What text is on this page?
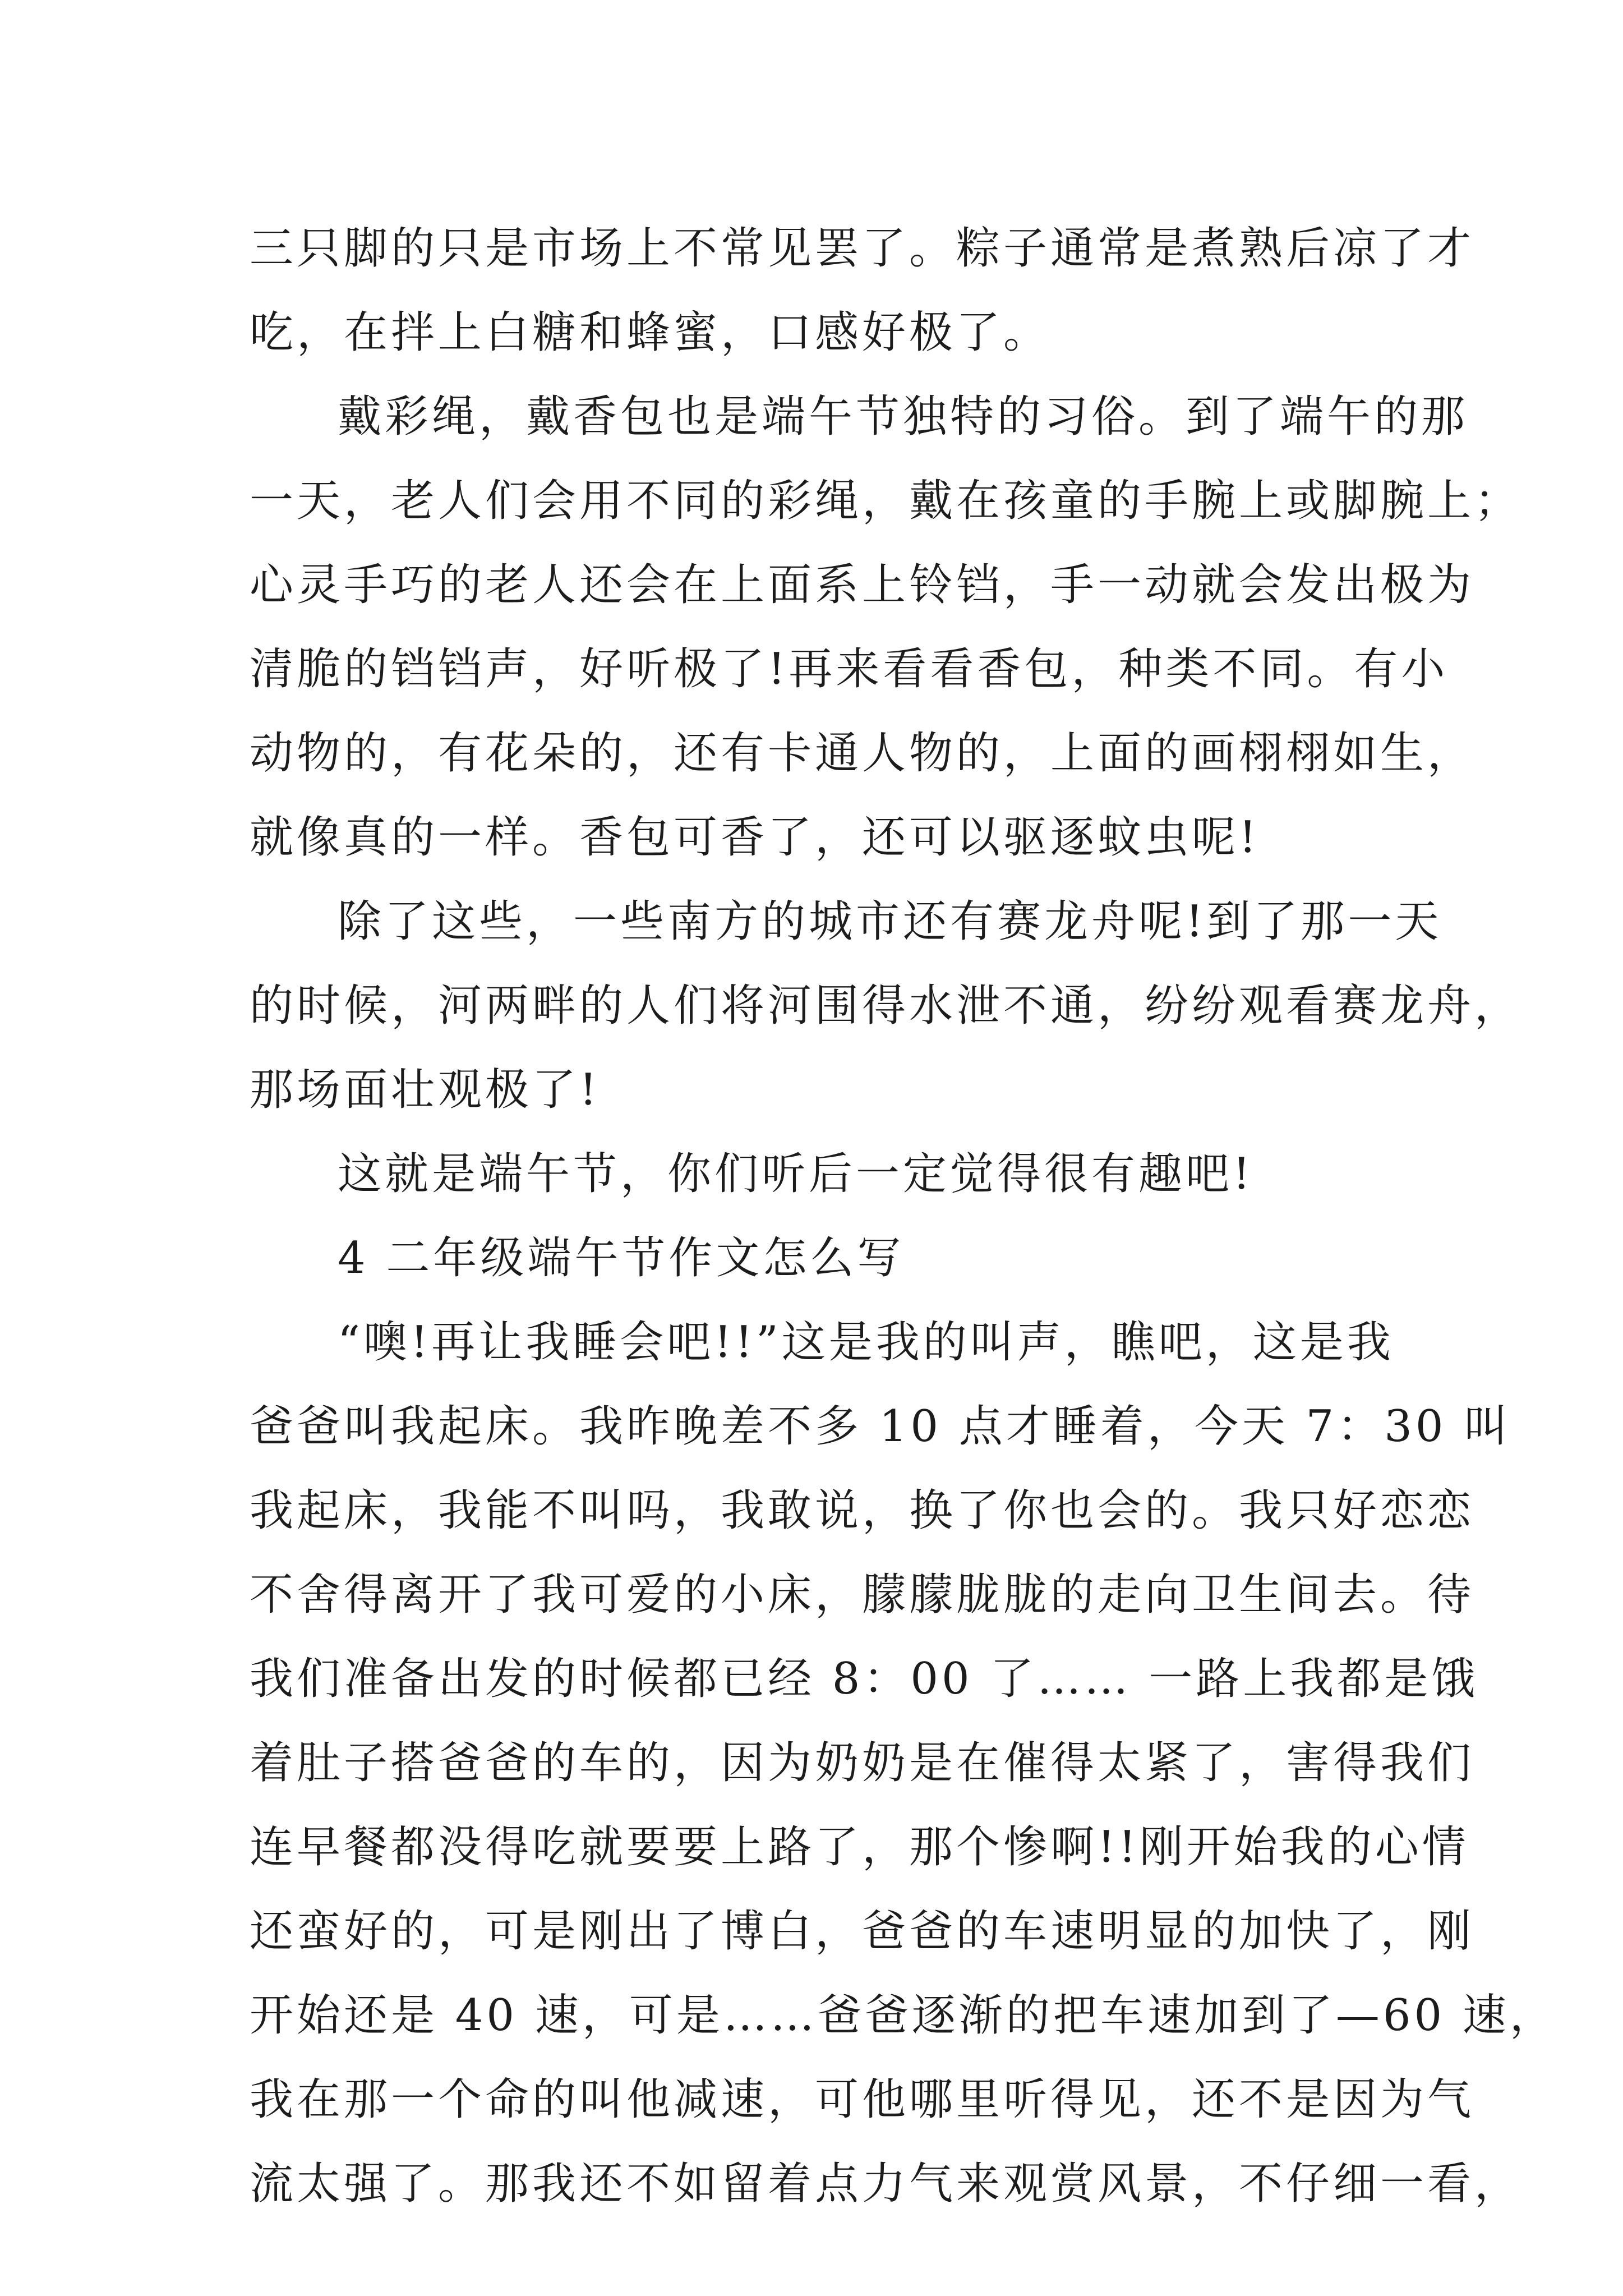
三只脚的只是市场上不常见罢了。粽子通常是煮熟后凉了才
吃，在拌上白糖和蜂蜜，口感好极了。
戴彩绳，戴香包也是端午节独特的习俗。到了端午的那
一天，老人们会用不同的彩绳，戴在孩童的手腕上或脚腕上；
心灵手巧的老人还会在上面系上铃铛，手一动就会发出极为
清脆的铛铛声，好听极了!再来看看香包，种类不同。有小
动物的，有花朵的，还有卡通人物的，上面的画栩栩如生，
就像真的一样。香包可香了，还可以驱逐蚊虫呢!
除了这些，一些南方的城市还有赛龙舟呢!到了那一天
的时候，河两畔的人们将河围得水泄不通，纷纷观看赛龙舟，
那场面壮观极了!
这就是端午节，你们听后一定觉得很有趣吧!
4 二年级端午节作文怎么写
“噢!再让我睡会吧!!”这是我的叫声，瞧吧，这是我
爸爸叫我起床。我昨晚差不多 10 点才睡着，今天 7：30 叫
我起床，我能不叫吗，我敢说，换了你也会的。我只好恋恋
不舍得离开了我可爱的小床，朦朦胧胧的走向卫生间去。待
我们准备出发的时候都已经 8：00 了…… 一路上我都是饿
着肚子搭爸爸的车的，因为奶奶是在催得太紧了，害得我们
连早餐都没得吃就要要上路了，那个惨啊!!刚开始我的心情
还蛮好的，可是刚出了博白，爸爸的车速明显的加快了，刚
开始还是 40 速，可是……爸爸逐渐的把车速加到了—60 速，
我在那一个命的叫他减速，可他哪里听得见，还不是因为气
流太强了。那我还不如留着点力气来观赏风景，不仔细一看，
